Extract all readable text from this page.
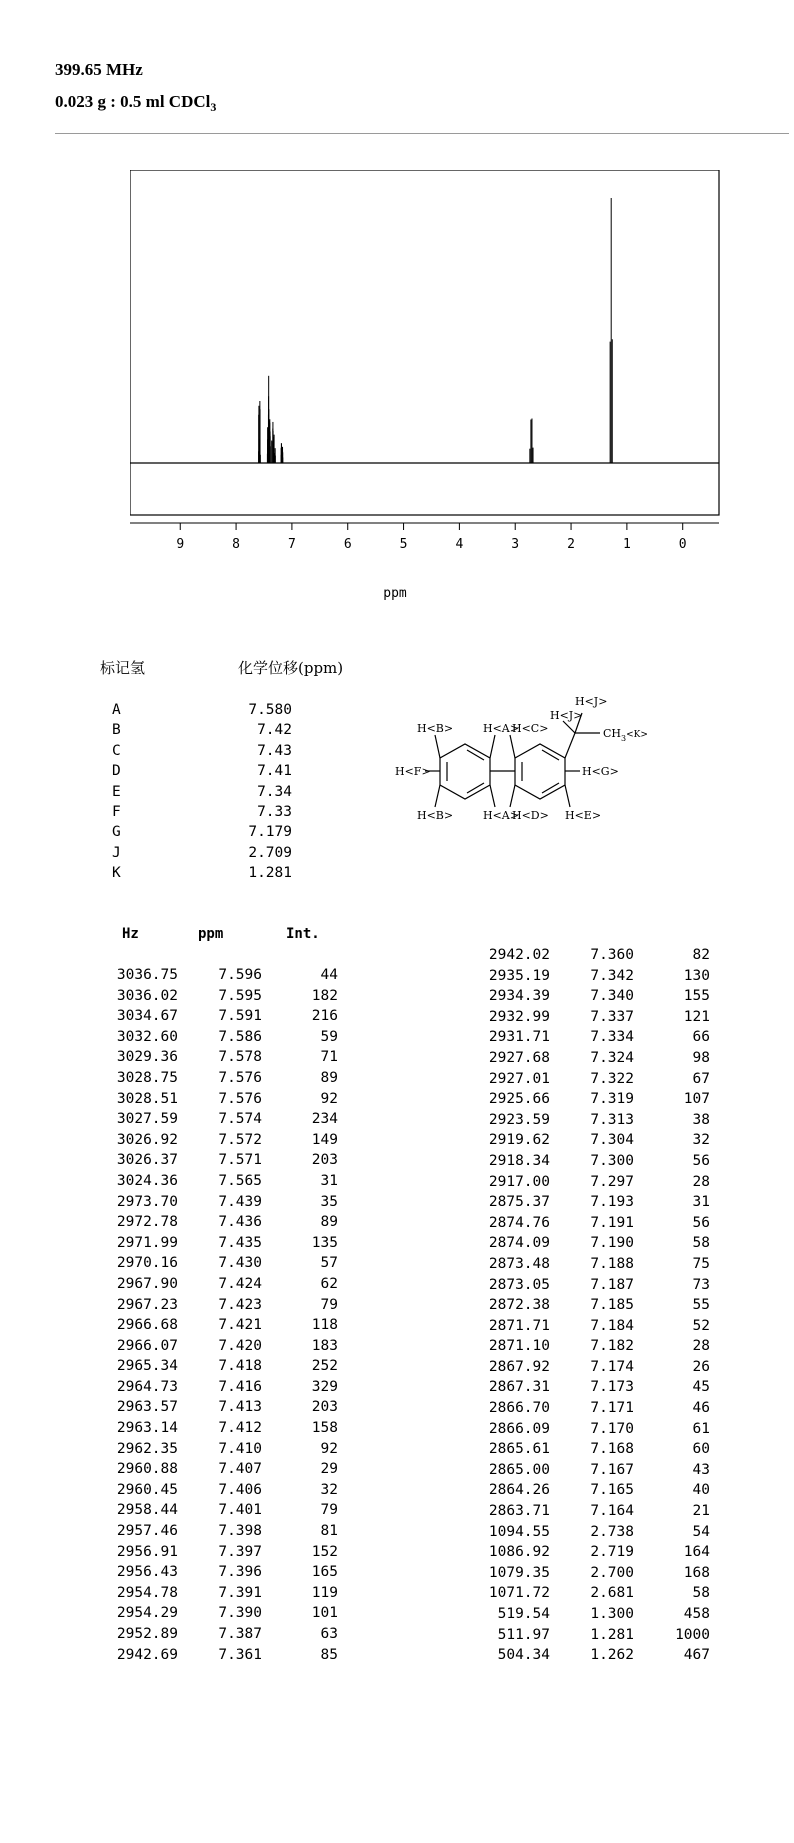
399.65 MHz
0.023 g : 0.5 ml CDCl$_3$
9	8	7	6	5	4	3	2	1	0
ppm
标记氢	化学位移(ppm)
A	7.580
B	7.42
C	7.43
D	7.41
E	7.34
F	7.33
G	7.179
J	2.709
K	1.281
H<B>	H<A>
H<C>
H<J>
H<J>
$CH_3^{<K>}$
H<F>	H<G>
H<B>	H<A>
H<D> H<E>
Hz	ppm	Int.
3036.75	7.596	44
3036.02	7.595	182
3034.67	7.591	216
3032.60	7.586	59
3029.36	7.578	71
3028.75	7.576	89
3028.51	7.576	92
3027.59	7.574	234
3026.92	7.572	149
3026.37	7.571	203
3024.36	7.565	31
2973.70	7.439	35
2972.78	7.436	89
2971.99	7.435	135
2970.16	7.430	57
2967.90	7.424	62
2967.23	7.423	79
2966.68	7.421	118
2966.07	7.420	183
2965.34	7.418	252
2964.73	7.416	329
2963.57	7.413	203
2963.14	7.412	158
2962.35	7.410	92
2960.88	7.407	29
2960.45	7.406	32
2958.44	7.401	79
2957.46	7.398	81
2956.91	7.397	152
2956.43	7.396	165
2954.78	7.391	119
2954.29	7.390	101
2952.89	7.387	63
2942.69	7.361	85
2942.02	7.360	82
2935.19	7.342	130
2934.39	7.340	155
2932.99	7.337	121
2931.71	7.334	66
2927.68	7.324	98
2927.01	7.322	67
2925.66	7.319	107
2923.59	7.313	38
2919.62	7.304	32
2918.34	7.300	56
2917.00	7.297	28
2875.37	7.193	31
2874.76	7.191	56
2874.09	7.190	58
2873.48	7.188	75
2873.05	7.187	73
2872.38	7.185	55
2871.71	7.184	52
2871.10	7.182	28
2867.92	7.174	26
2867.31	7.173	45
2866.70	7.171	46
2866.09	7.170	61
2865.61	7.168	60
2865.00	7.167	43
2864.26	7.165	40
2863.71	7.164	21
1094.55	2.738	54
1086.92	2.719	164
1079.35	2.700	168
1071.72	2.681	58
519.54	1.300	458
511.97	1.281	1000
504.34	1.262	467
